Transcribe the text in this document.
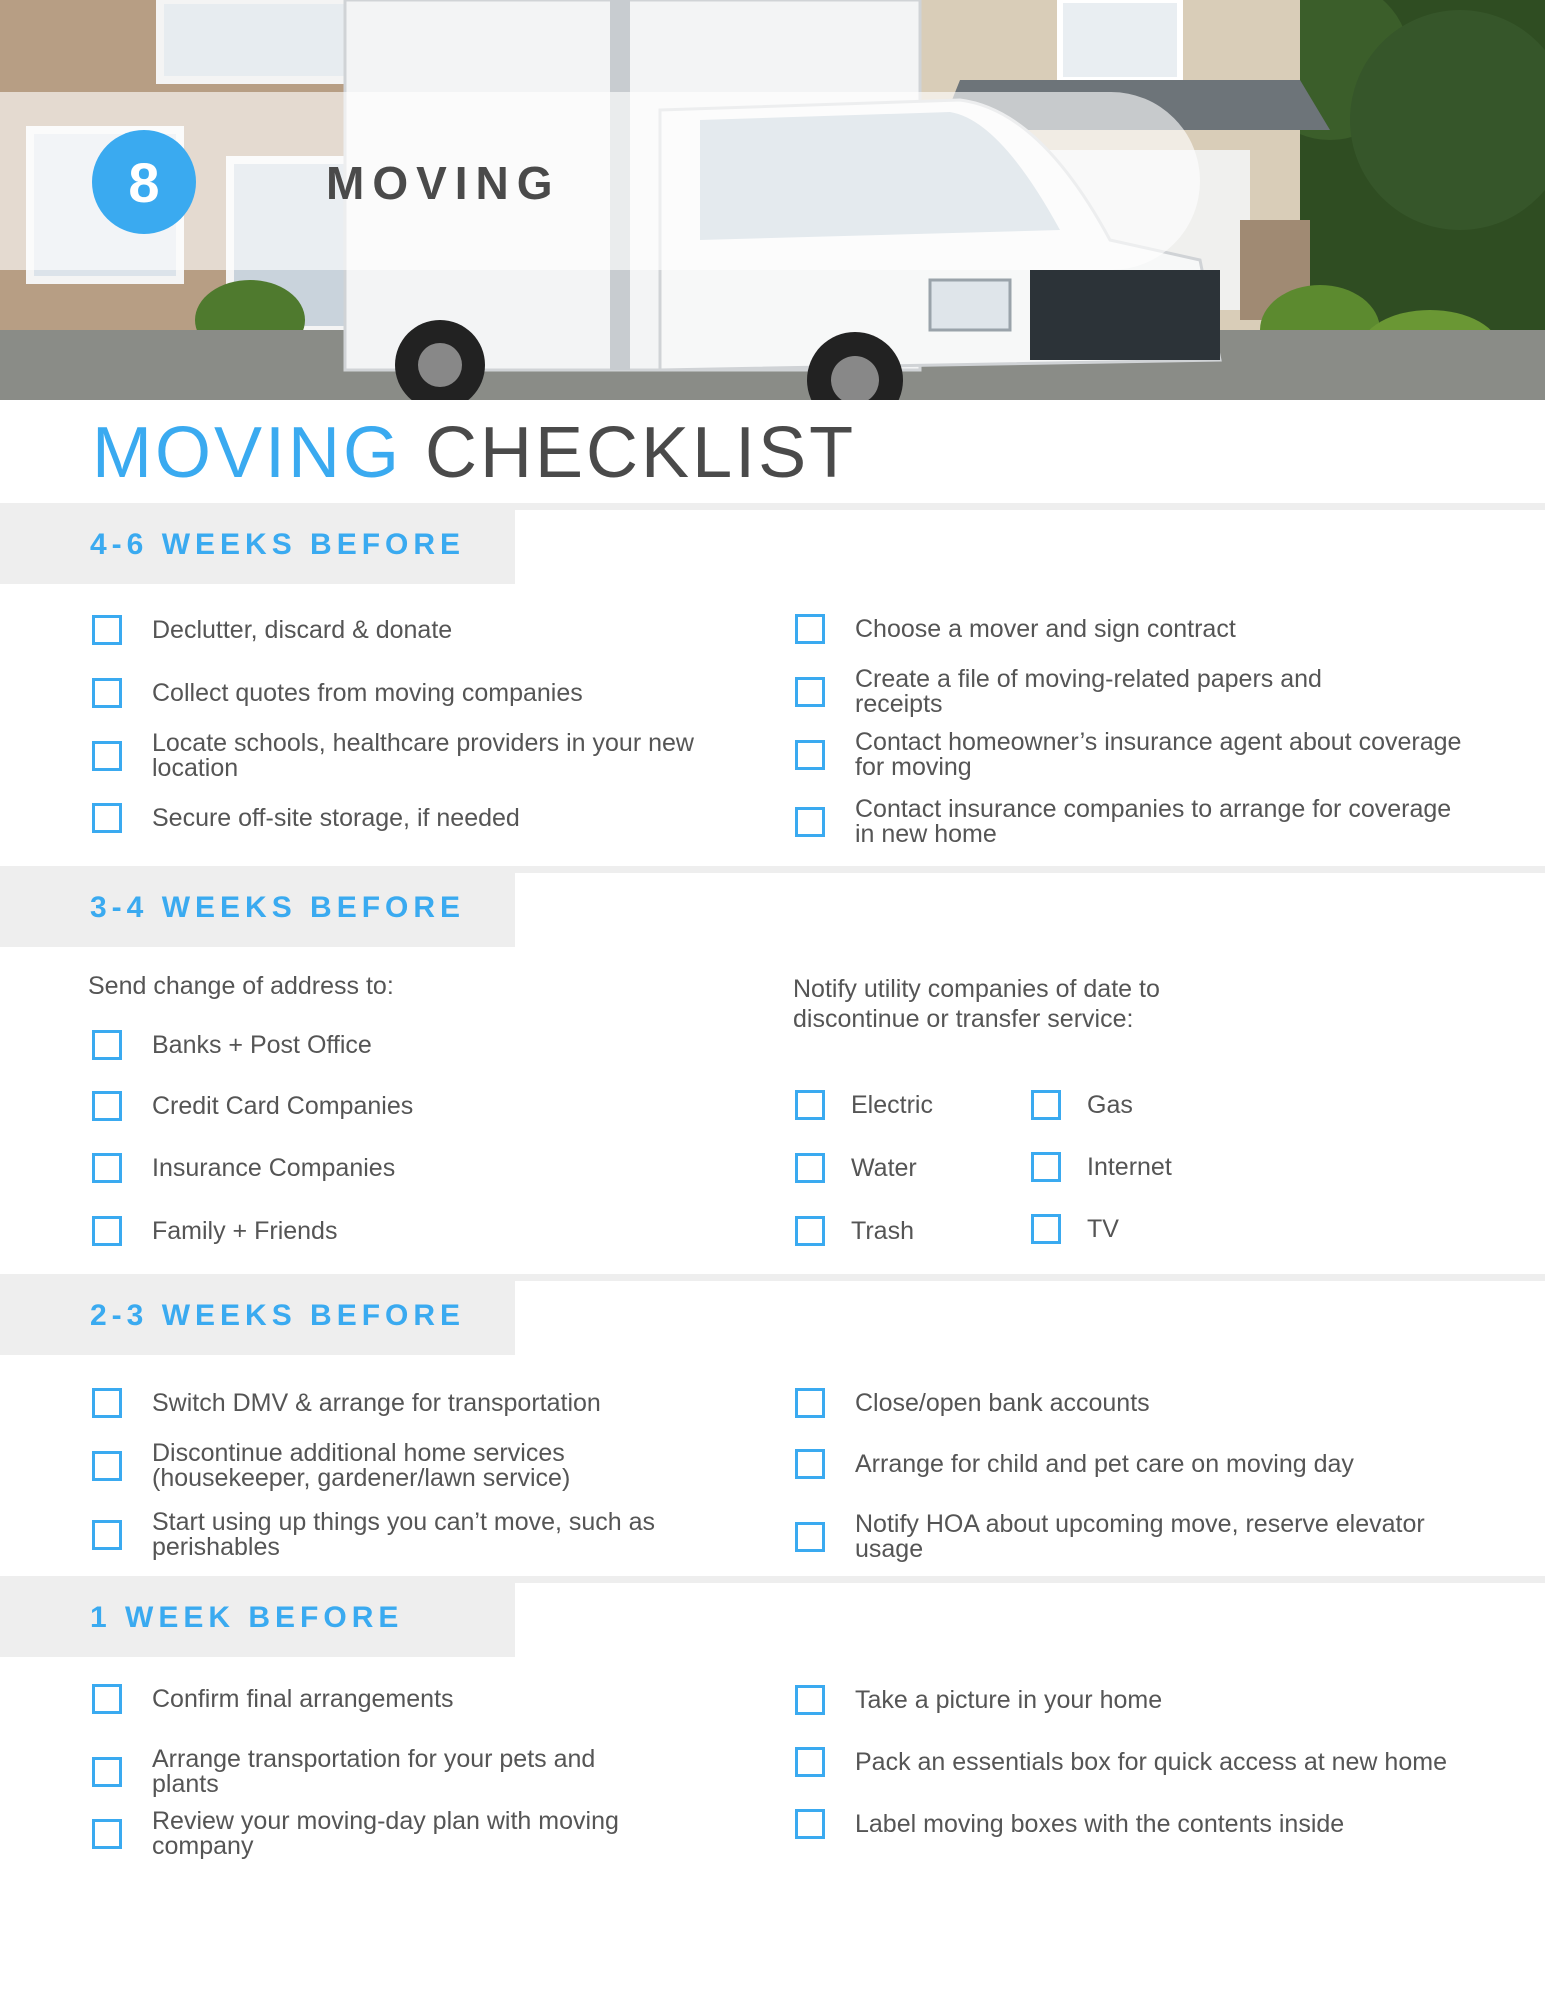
8	MOVING
MOVING CHECKLIST
4-6 WEEKS BEFORE
Declutter, discard & donate
Collect quotes from moving companies
Locate schools, healthcare providers in your new location
Secure off-site storage, if needed
Choose a mover and sign contract
Create a file of moving-related papers and receipts
Contact homeowner’s insurance agent about coverage for moving
Contact insurance companies to arrange for coverage in new home
3-4 WEEKS BEFORE
Send change of address to:
Banks + Post Office
Credit Card Companies
Insurance Companies
Family + Friends
Notify utility companies of date to discontinue or transfer service:
Electric
Water
Trash
Gas
Internet
TV
2-3 WEEKS BEFORE
Switch DMV & arrange for transportation
Discontinue additional home services (housekeeper, gardener/lawn service)
Start using up things you can’t move, such as perishables
Close/open bank accounts
Arrange for child and pet care on moving day
Notify HOA about upcoming move, reserve elevator usage
1 WEEK BEFORE
Confirm final arrangements
Arrange transportation for your pets and plants
Review your moving-day plan with moving company
Take a picture in your home
Pack an essentials box for quick access at new home
Label moving boxes with the contents inside
